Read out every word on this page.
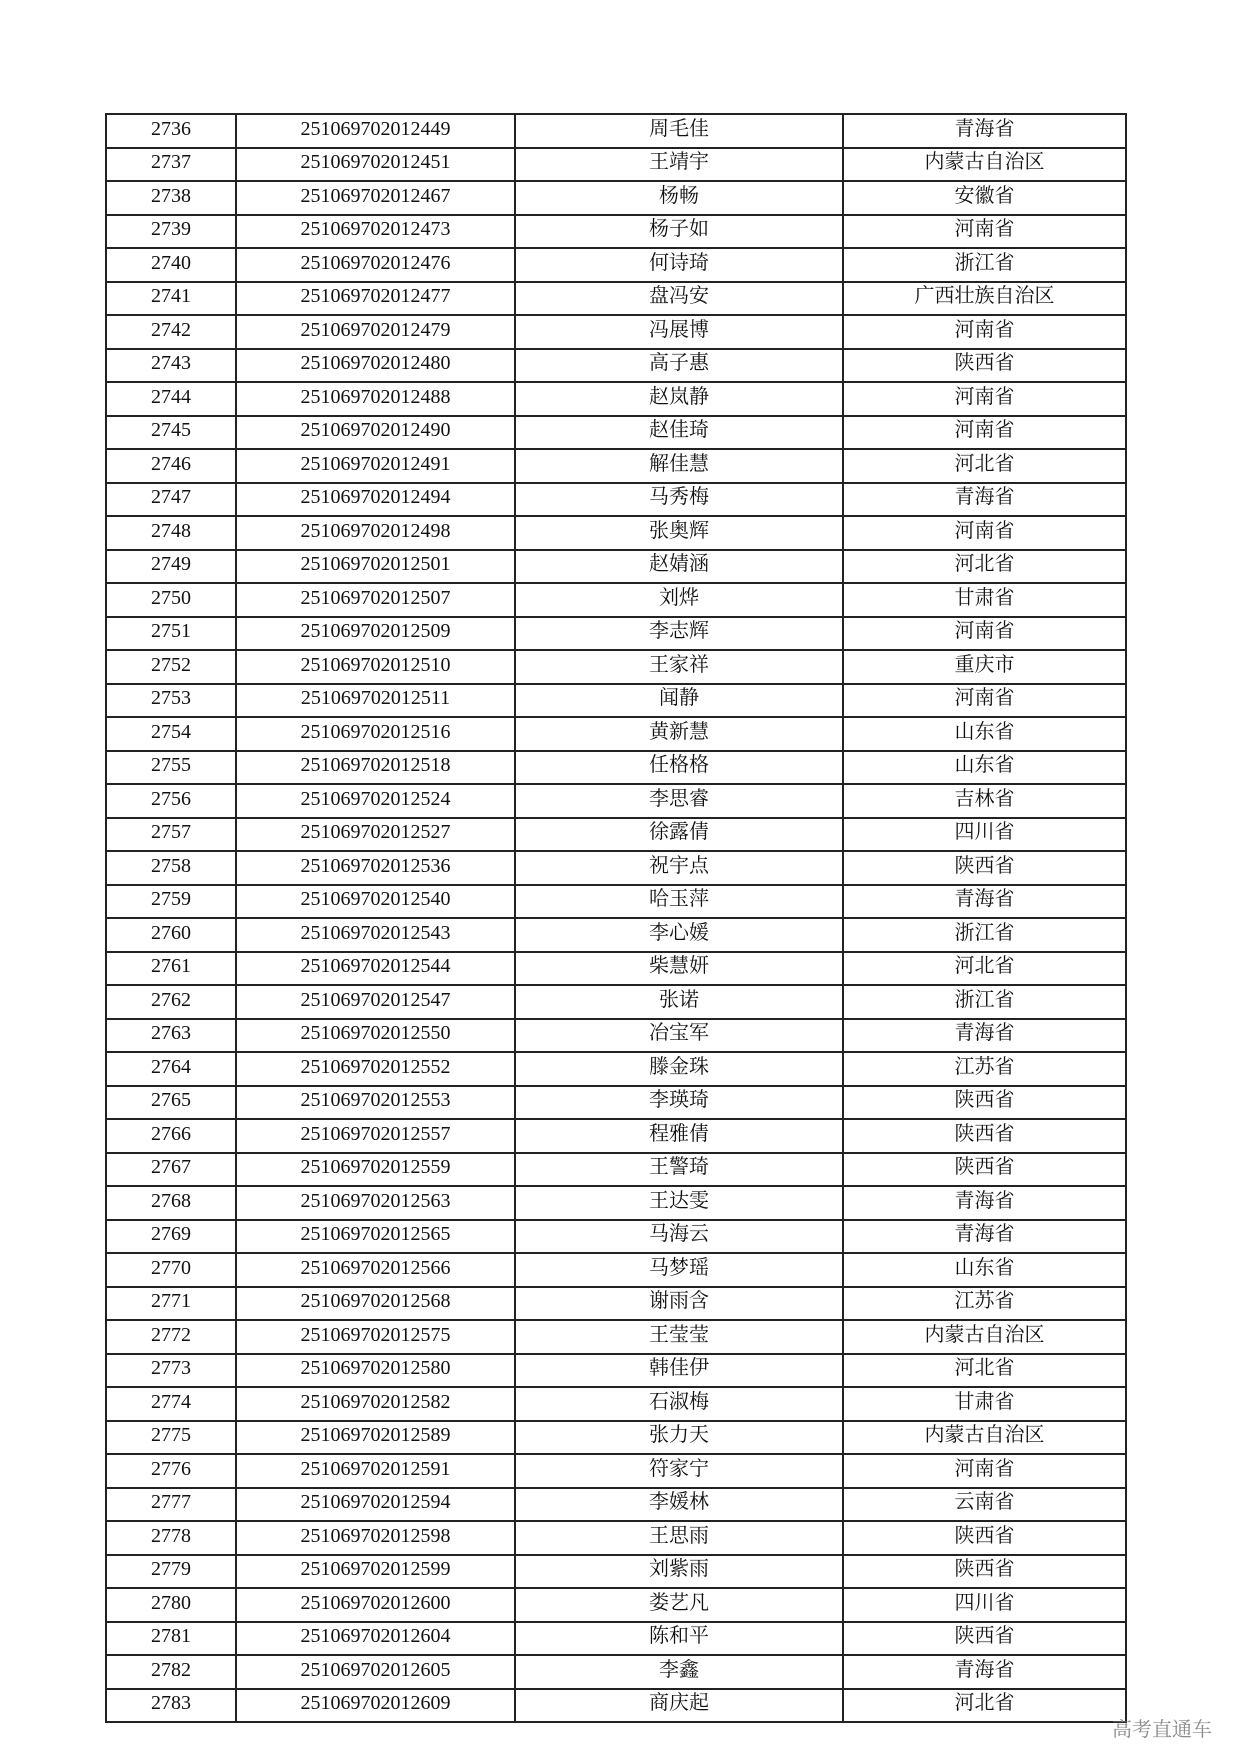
2736	251069702012449	周毛佳	青海省
2737	251069702012451	王靖宇	内蒙古自治区
2738	251069702012467	杨畅	安徽省
2739	251069702012473	杨子如	河南省
2740	251069702012476	何诗琦	浙江省
2741	251069702012477	盘冯安	广西壮族自治区
2742	251069702012479	冯展博	河南省
2743	251069702012480	高子惠	陕西省
2744	251069702012488	赵岚静	河南省
2745	251069702012490	赵佳琦	河南省
2746	251069702012491	解佳慧	河北省
2747	251069702012494	马秀梅	青海省
2748	251069702012498	张奥辉	河南省
2749	251069702012501	赵婧涵	河北省
2750	251069702012507	刘烨	甘肃省
2751	251069702012509	李志辉	河南省
2752	251069702012510	王家祥	重庆市
2753	251069702012511	闻静	河南省
2754	251069702012516	黄新慧	山东省
2755	251069702012518	任格格	山东省
2756	251069702012524	李思睿	吉林省
2757	251069702012527	徐露倩	四川省
2758	251069702012536	祝宇点	陕西省
2759	251069702012540	哈玉萍	青海省
2760	251069702012543	李心媛	浙江省
2761	251069702012544	柴慧妍	河北省
2762	251069702012547	张诺	浙江省
2763	251069702012550	冶宝军	青海省
2764	251069702012552	滕金珠	江苏省
2765	251069702012553	李瑛琦	陕西省
2766	251069702012557	程雅倩	陕西省
2767	251069702012559	王警琦	陕西省
2768	251069702012563	王达雯	青海省
2769	251069702012565	马海云	青海省
2770	251069702012566	马梦瑶	山东省
2771	251069702012568	谢雨含	江苏省
2772	251069702012575	王莹莹	内蒙古自治区
2773	251069702012580	韩佳伊	河北省
2774	251069702012582	石淑梅	甘肃省
2775	251069702012589	张力天	内蒙古自治区
2776	251069702012591	符家宁	河南省
2777	251069702012594	李媛林	云南省
2778	251069702012598	王思雨	陕西省
2779	251069702012599	刘紫雨	陕西省
2780	251069702012600	娄艺凡	四川省
2781	251069702012604	陈和平	陕西省
2782	251069702012605	李鑫	青海省
2783	251069702012609	商庆起	河北省
高考直通车
